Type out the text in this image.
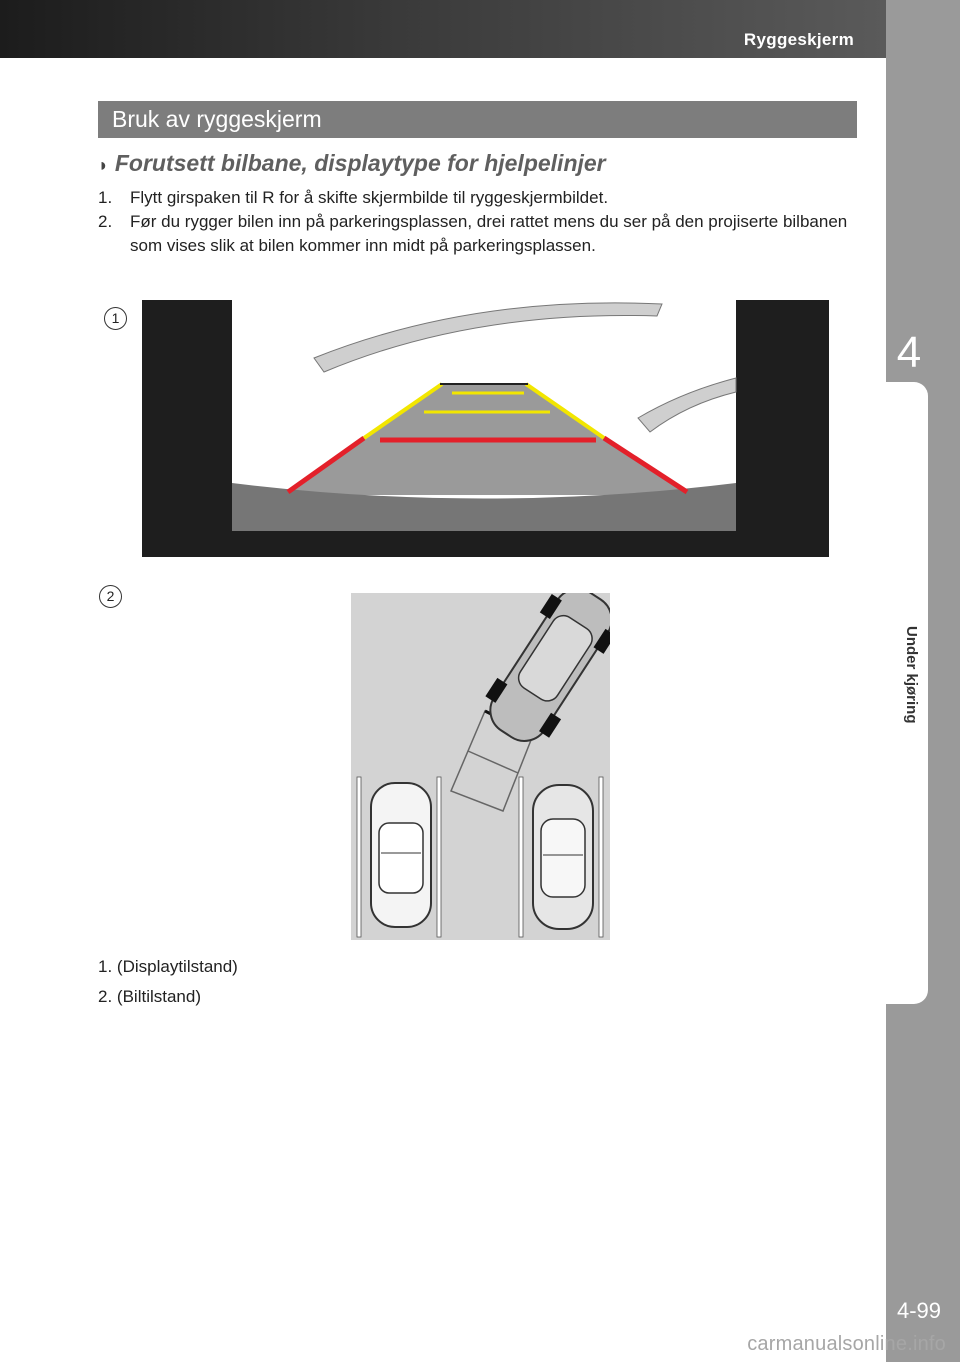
Ryggeskjerm
4
Under kjøring
4-99
Bruk av ryggeskjerm
◗ Forutsett bilbane, displaytype for hjelpelinjer

1. Flytt girspaken til R for å skifte skjermbilde til ryggeskjermbildet.

2. Før du rygger bilen inn på parkeringsplassen, drei rattet mens du ser på den projiserte bilbanen som vises slik at bilen kommer inn midt på parkeringsplassen.

1
2

1. (Displaytilstand)

2. (Biltilstand)

carmanualsonline.info
